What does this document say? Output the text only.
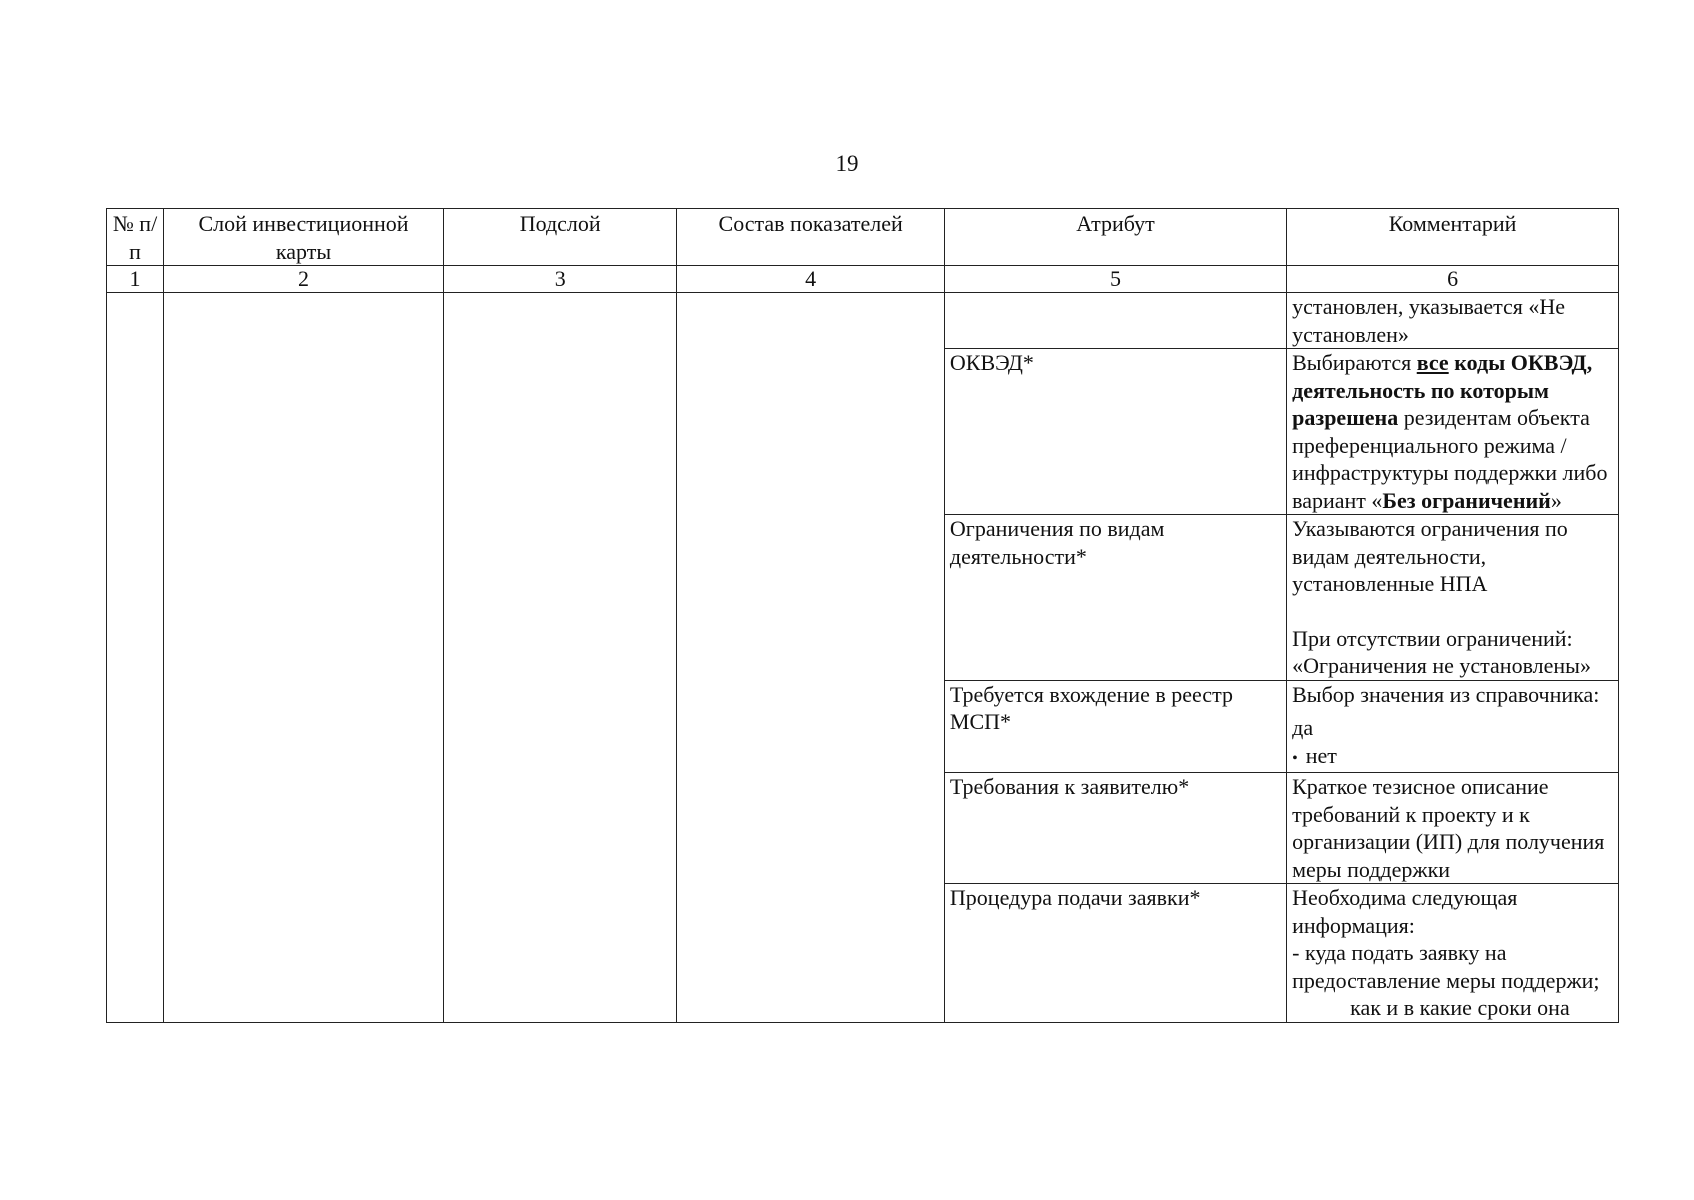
19
№ п/п	Слой инвестиционной карты	Подслой	Состав показателей	Атрибут	Комментарий
1	2	3	4	5	6
					установлен, указывается «Не установлен»
				ОКВЭД*	Выбираются все коды ОКВЭД, деятельность по которым разрешена резидентам объекта преференциального режима / инфраструктуры поддержки либо вариант «Без ограничений»
				Ограничения по видам деятельности*	Указываются ограничения по видам деятельности, установленные НПА
При отсутствии ограничений: «Ограничения не установлены»

				Требуется вхождение в реестр МСП*	Выбор значения из справочника:
да
• нет

				Требования к заявителю*	Краткое тезисное описание требований к проекту и к организации (ИП) для получения меры поддержки
				Процедура подачи заявки*	Необходима следующая информация:
- куда подать заявку на предоставление меры поддержи;
как и в какие сроки она
